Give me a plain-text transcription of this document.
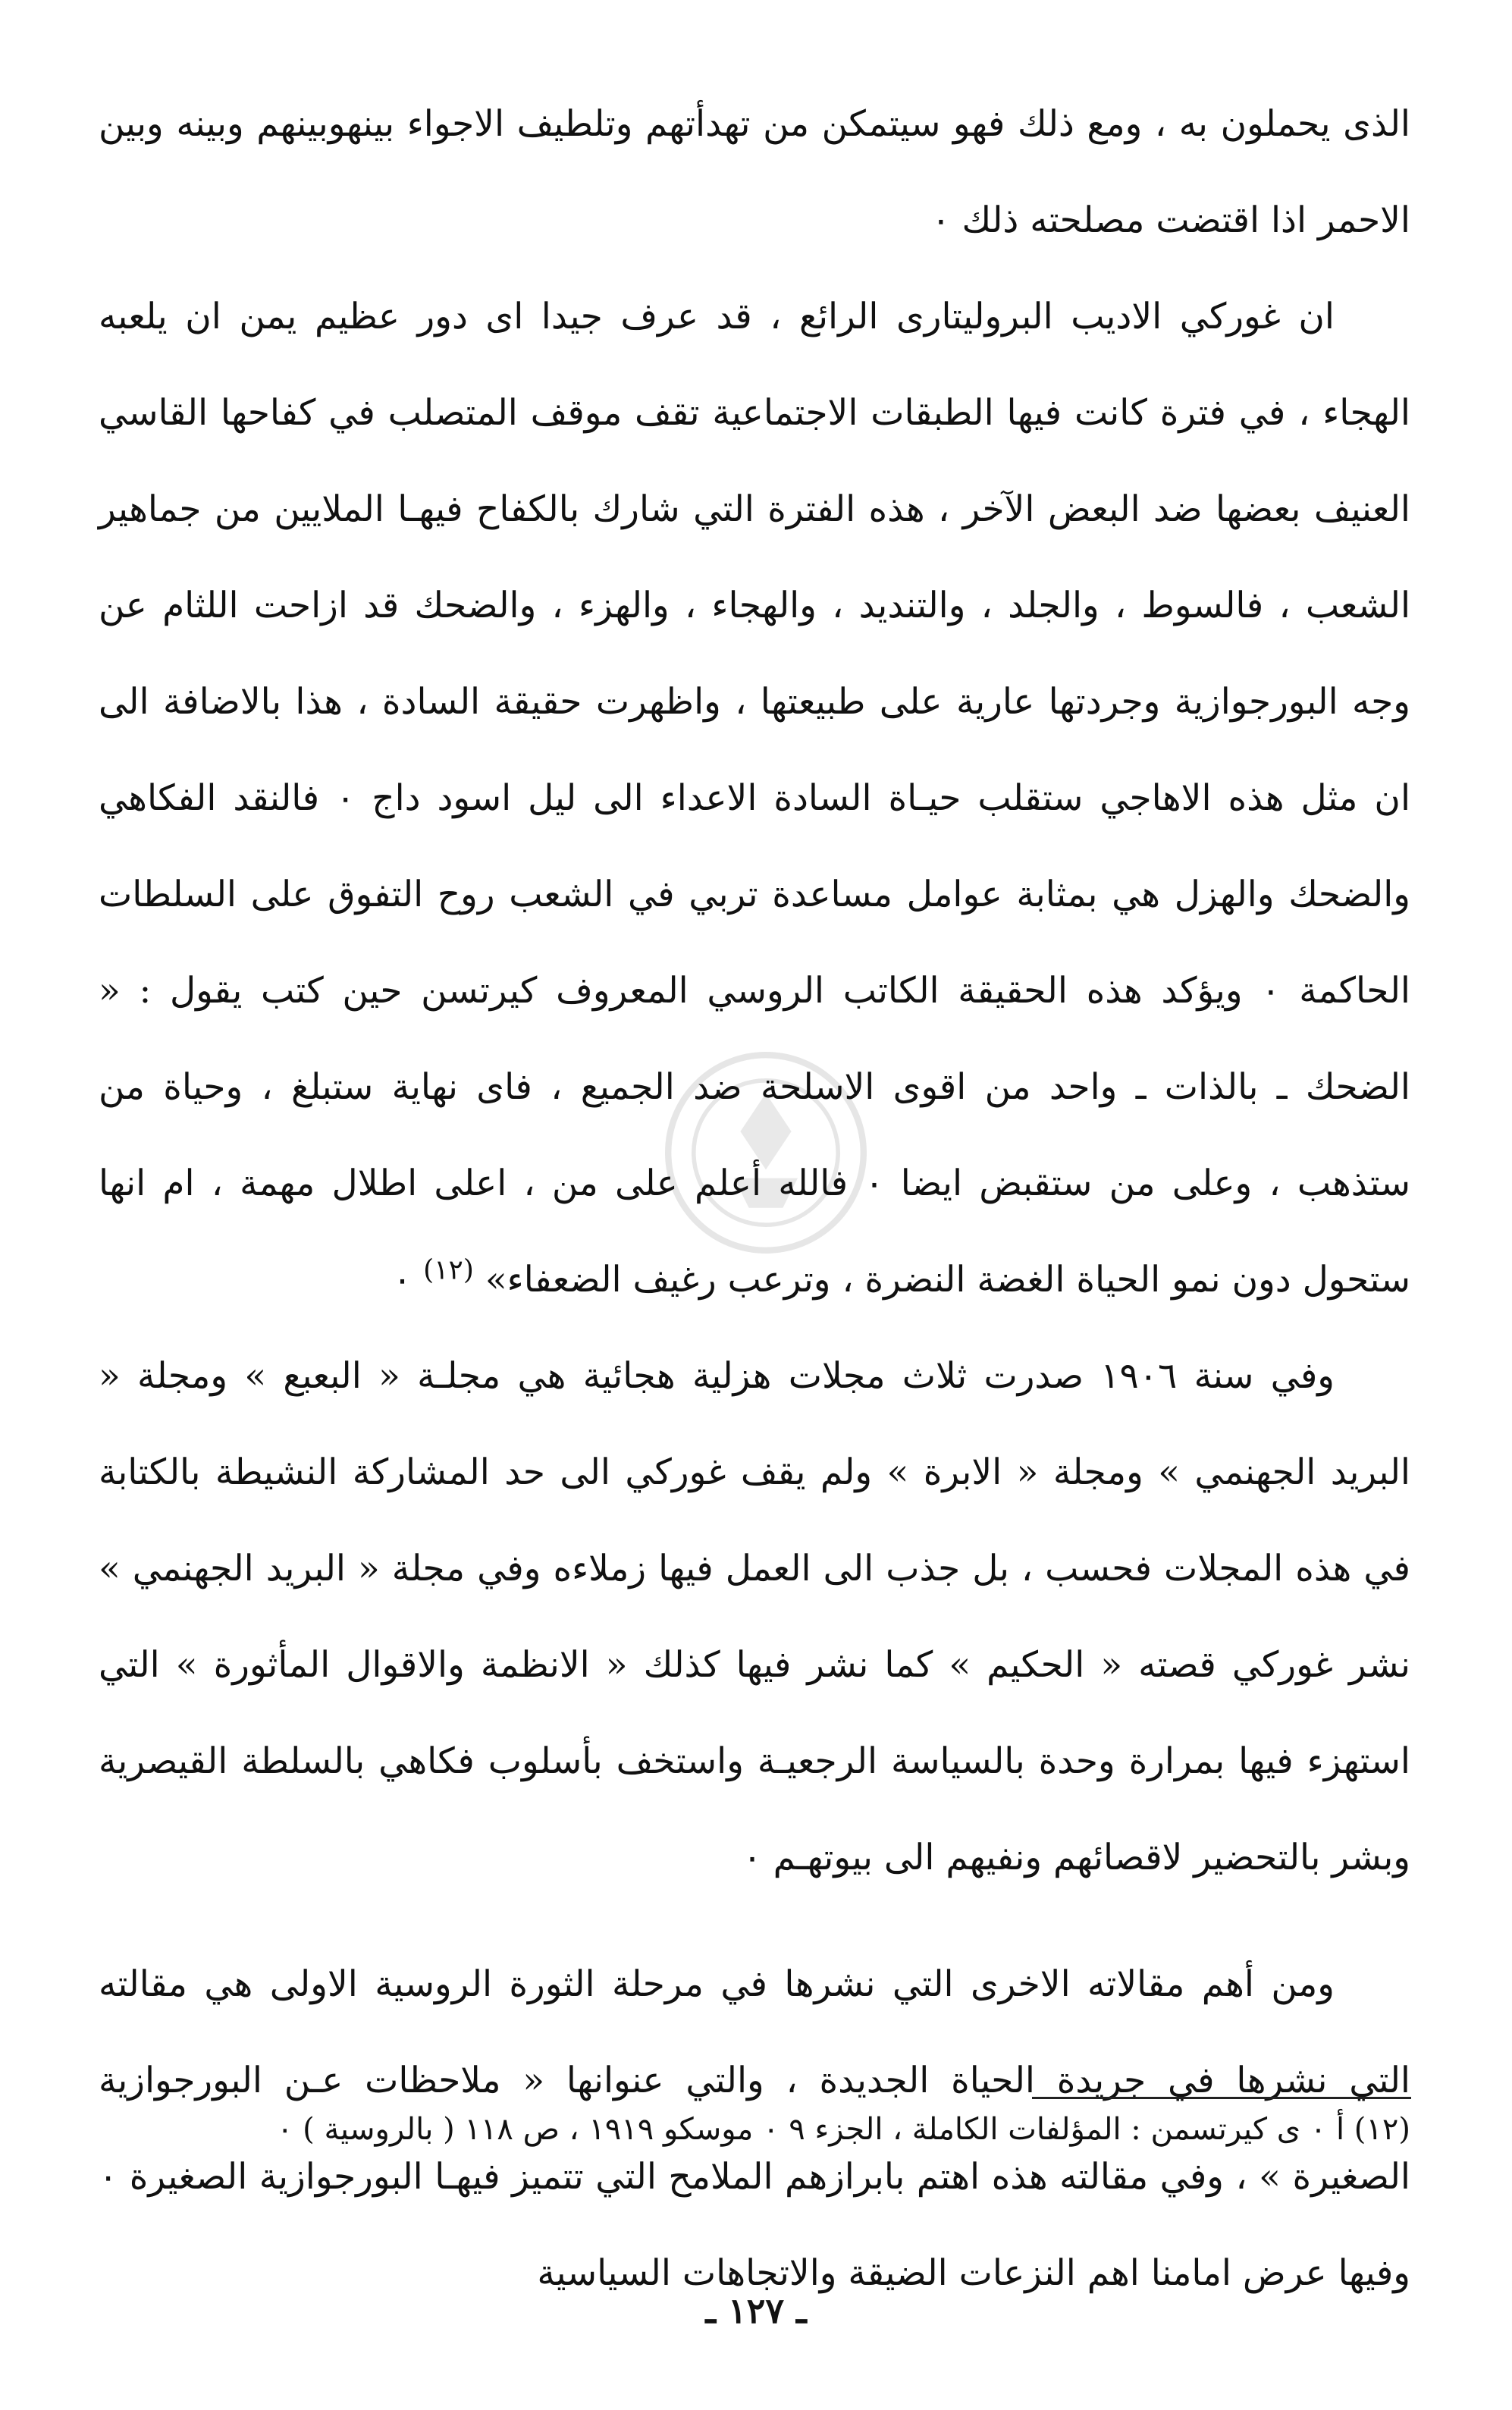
الذى يحملون به ، ومع ذلك فهو سيتمكن من تهدأتهم وتلطيف الاجواء بينهوبينهم وبينه وبين الاحمر اذا اقتضت مصلحته ذلك ٠

ان غوركي الاديب البروليتارى الرائع ، قد عرف جيدا اى دور عظيم يمن ان يلعبه الهجاء ، في فترة كانت فيها الطبقات الاجتماعية تقف موقف المتصلب في كفاحها القاسي العنيف بعضها ضد البعض الآخر ، هذه الفترة التي شارك بالكفاح فيهـا الملايين من جماهير الشعب ، فالسوط ، والجلد ، والتنديد ، والهجاء ، والهزء ، والضحك قد ازاحت اللثام عن وجه البورجوازية وجردتها عارية على طبيعتها ، واظهرت حقيقة السادة ، هذا بالاضافة الى ان مثل هذه الاهاجي ستقلب حيـاة السادة الاعداء الى ليل اسود داج ٠ فالنقد الفكاهي والضحك والهزل هي بمثابة عوامل مساعدة تربي في الشعب روح التفوق على السلطات الحاكمة ٠ ويؤكد هذه الحقيقة الكاتب الروسي المعروف كيرتسن حين كتب يقول : « الضحك ـ بالذات ـ واحد من اقوى الاسلحة ضد الجميع ، فاى نهاية ستبلغ ، وحياة من ستذهب ، وعلى من ستقبض ايضا ٠ فالله أعلم على من ، اعلى اطلال مهمة ، ام انها ستحول دون نمو الحياة الغضة النضرة ، وترعب رغيف الضعفاء» $^{(١٢)}$ ٠

وفي سنة ١٩٠٦ صدرت ثلاث مجلات هزلية هجائية هي مجلـة « البعبع » ومجلة « البريد الجهنمي » ومجلة « الابرة » ولم يقف غوركي الى حد المشاركة النشيطة بالكتابة في هذه المجلات فحسب ، بل جذب الى العمل فيها زملاءه وفي مجلة « البريد الجهنمي » نشر غوركي قصته « الحكيم » كما نشر فيها كذلك « الانظمة والاقوال المأثورة » التي استهزء فيها بمرارة وحدة بالسياسة الرجعيـة واستخف بأسلوب فكاهي بالسلطة القيصرية وبشر بالتحضير لاقصائهم ونفيهم الى بيوتهـم ٠

ومن أهم مقالاته الاخرى التي نشرها في مرحلة الثورة الروسية الاولى هي مقالته التي نشرها في جريدة الحياة الجديدة ، والتي عنوانها « ملاحظات عـن البورجوازية الصغيرة » ، وفي مقالته هذه اهتم بابرازهم الملامح التي تتميز فيهـا البورجوازية الصغيرة ٠ وفيها عرض امامنا اهم النزعات الضيقة والاتجاهات السياسية

(١٢) أ ٠ ى كيرتسمن : المؤلفات الكاملة ، الجزء ٩ ٠ موسكو ١٩١٩ ، ص ١١٨ ( بالروسية ) ٠
ـ ١٢٧ ـ
